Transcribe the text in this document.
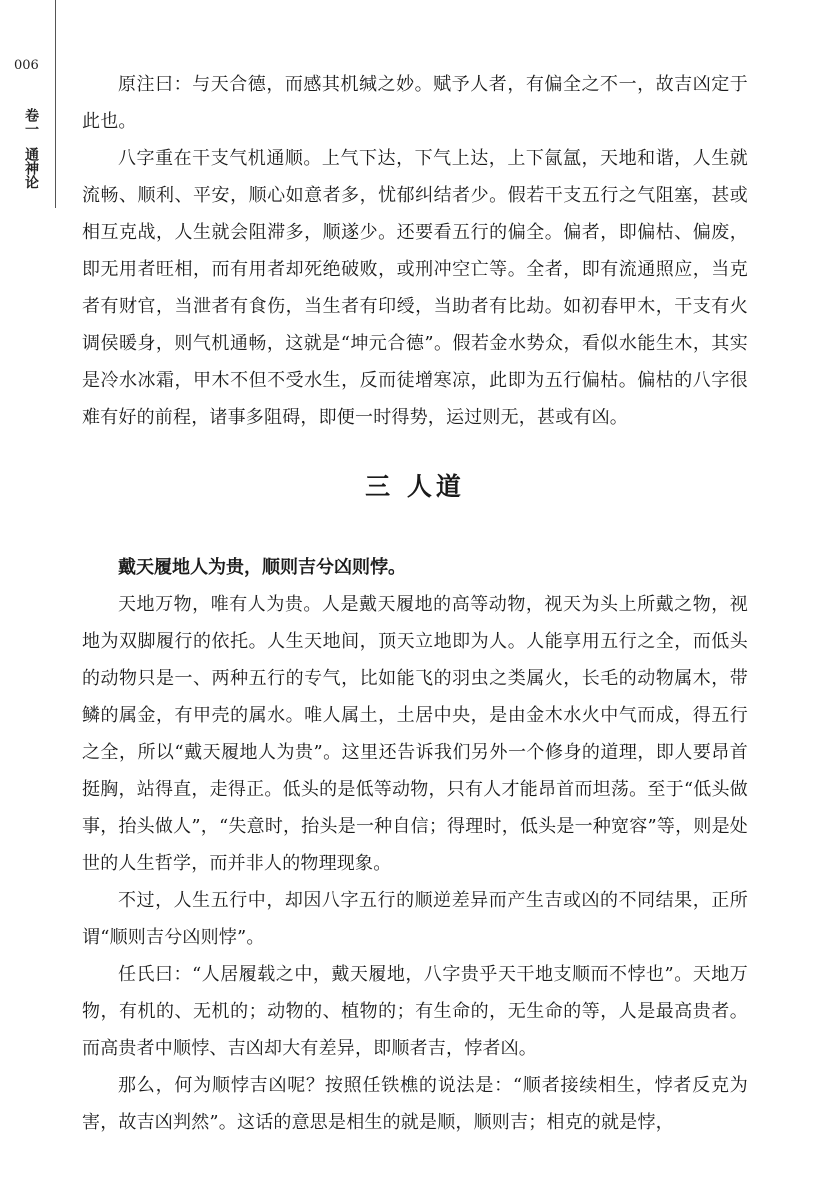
006
卷一
通神论

原注曰：与天合德，而感其机缄之妙。赋予人者，有偏全之不一，故吉凶定于此也。

八字重在干支气机通顺。上气下达，下气上达，上下氤氲，天地和谐，人生就流畅、顺利、平安，顺心如意者多，忧郁纠结者少。假若干支五行之气阻塞，甚或相互克战，人生就会阻滞多，顺遂少。还要看五行的偏全。偏者，即偏枯、偏废，即无用者旺相，而有用者却死绝破败，或刑冲空亡等。全者，即有流通照应，当克者有财官，当泄者有食伤，当生者有印绶，当助者有比劫。如初春甲木，干支有火调侯暖身，则气机通畅，这就是“坤元合德”。假若金水势众，看似水能生木，其实是冷水冰霜，甲木不但不受水生，反而徒增寒凉，此即为五行偏枯。偏枯的八字很难有好的前程，诸事多阻碍，即便一时得势，运过则无，甚或有凶。

三 人道

戴天履地人为贵，顺则吉兮凶则悖。

天地万物，唯有人为贵。人是戴天履地的高等动物，视天为头上所戴之物，视地为双脚履行的依托。人生天地间，顶天立地即为人。人能享用五行之全，而低头的动物只是一、两种五行的专气，比如能飞的羽虫之类属火，长毛的动物属木，带鳞的属金，有甲壳的属水。唯人属土，土居中央，是由金木水火中气而成，得五行之全，所以“戴天履地人为贵”。这里还告诉我们另外一个修身的道理，即人要昂首挺胸，站得直，走得正。低头的是低等动物，只有人才能昂首而坦荡。至于“低头做事，抬头做人”，“失意时，抬头是一种自信；得理时，低头是一种宽容”等，则是处世的人生哲学，而并非人的物理现象。

不过，人生五行中，却因八字五行的顺逆差异而产生吉或凶的不同结果，正所谓“顺则吉兮凶则悖”。

任氏曰：“人居履载之中，戴天履地，八字贵乎天干地支顺而不悖也”。天地万物，有机的、无机的；动物的、植物的；有生命的，无生命的等，人是最高贵者。而高贵者中顺悖、吉凶却大有差异，即顺者吉，悖者凶。

那么，何为顺悖吉凶呢？按照任铁樵的说法是：“顺者接续相生，悖者反克为害，故吉凶判然”。这话的意思是相生的就是顺，顺则吉；相克的就是悖，
